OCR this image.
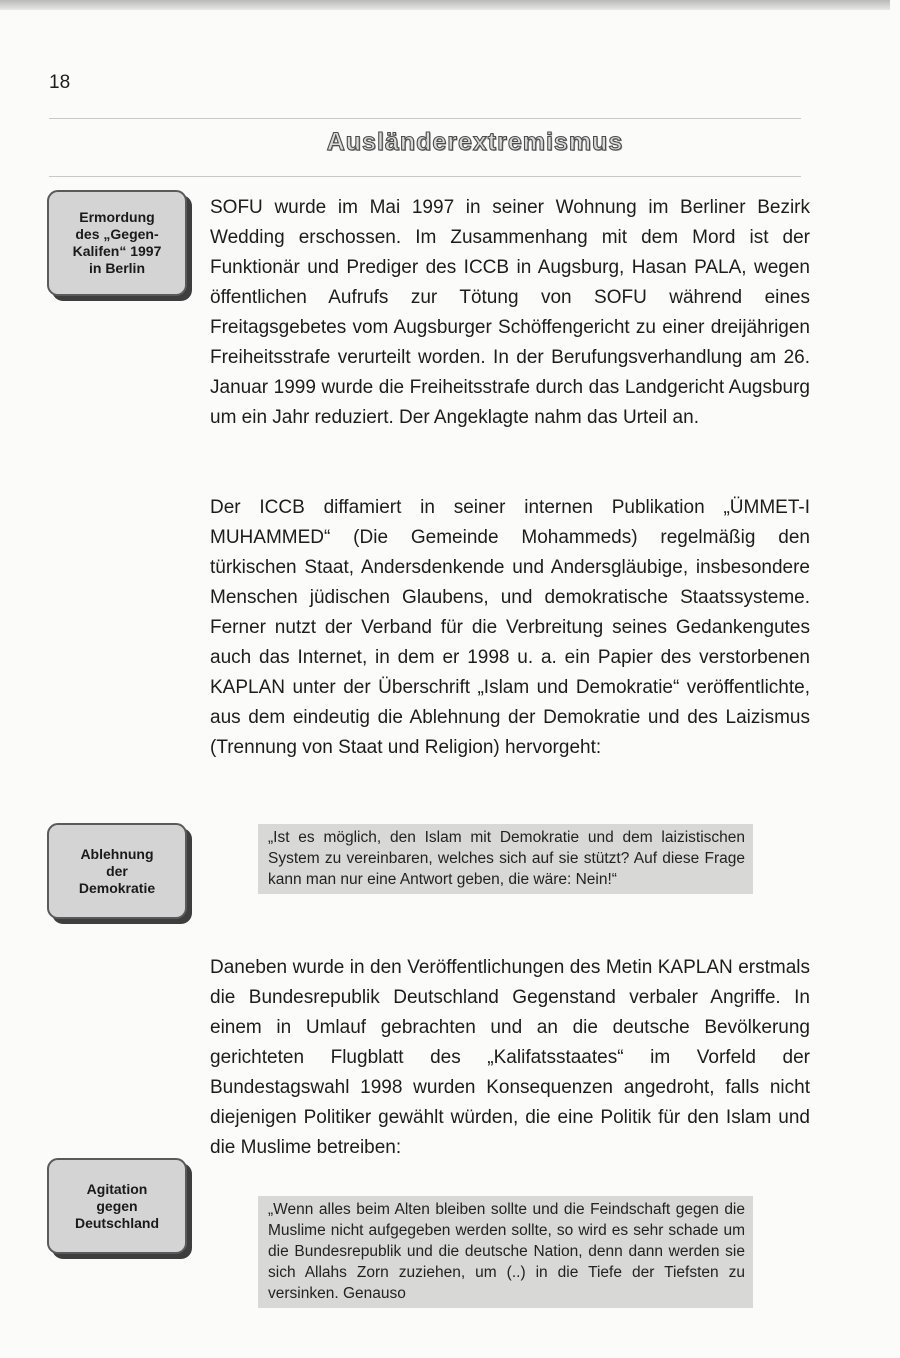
18
Ausländerextremismus
Ermordung
des „Gegen-
Kalifen“ 1997
in Berlin
Ablehnung
der
Demokratie
Agitation
gegen
Deutschland

SOFU wurde im Mai 1997 in seiner Wohnung im Berliner Bezirk Wedding erschossen. Im Zusammenhang mit dem Mord ist der Funktionär und Prediger des ICCB in Augsburg, Hasan PALA, wegen öffentlichen Aufrufs zur Tötung von SOFU während eines Freitagsgebetes vom Augsburger Schöffengericht zu einer dreijährigen Freiheitsstrafe verurteilt worden. In der Berufungsverhandlung am 26. Januar 1999 wurde die Freiheitsstrafe durch das Landgericht Augsburg um ein Jahr reduziert. Der Angeklagte nahm das Urteil an.

Der ICCB diffamiert in seiner internen Publikation „ÜMMET-I MUHAMMED“ (Die Gemeinde Mohammeds) regelmäßig den türkischen Staat, Andersdenkende und Andersgläubige, insbesondere Menschen jüdischen Glaubens, und demokratische Staatssysteme. Ferner nutzt der Verband für die Verbreitung seines Gedankengutes auch das Internet, in dem er 1998 u. a. ein Papier des verstorbenen KAPLAN unter der Überschrift „Islam und Demokratie“ veröffentlichte, aus dem eindeutig die Ablehnung der Demokratie und des Laizismus (Trennung von Staat und Religion) hervorgeht:

„Ist es möglich, den Islam mit Demokratie und dem laizistischen System zu vereinbaren, welches sich auf sie stützt? Auf diese Frage kann man nur eine Antwort geben, die wäre: Nein!“

Daneben wurde in den Veröffentlichungen des Metin KAPLAN erstmals die Bundesrepublik Deutschland Gegenstand verbaler Angriffe. In einem in Umlauf gebrachten und an die deutsche Bevölkerung gerichteten Flugblatt des „Kalifatsstaates“ im Vorfeld der Bundestagswahl 1998 wurden Konsequenzen angedroht, falls nicht diejenigen Politiker gewählt würden, die eine Politik für den Islam und die Muslime betreiben:

„Wenn alles beim Alten bleiben sollte und die Feindschaft gegen die Muslime nicht aufgegeben werden sollte, so wird es sehr schade um die Bundesrepublik und die deutsche Nation, denn dann werden sie sich Allahs Zorn zuziehen, um (..) in die Tiefe der Tiefsten zu versinken. Genauso
